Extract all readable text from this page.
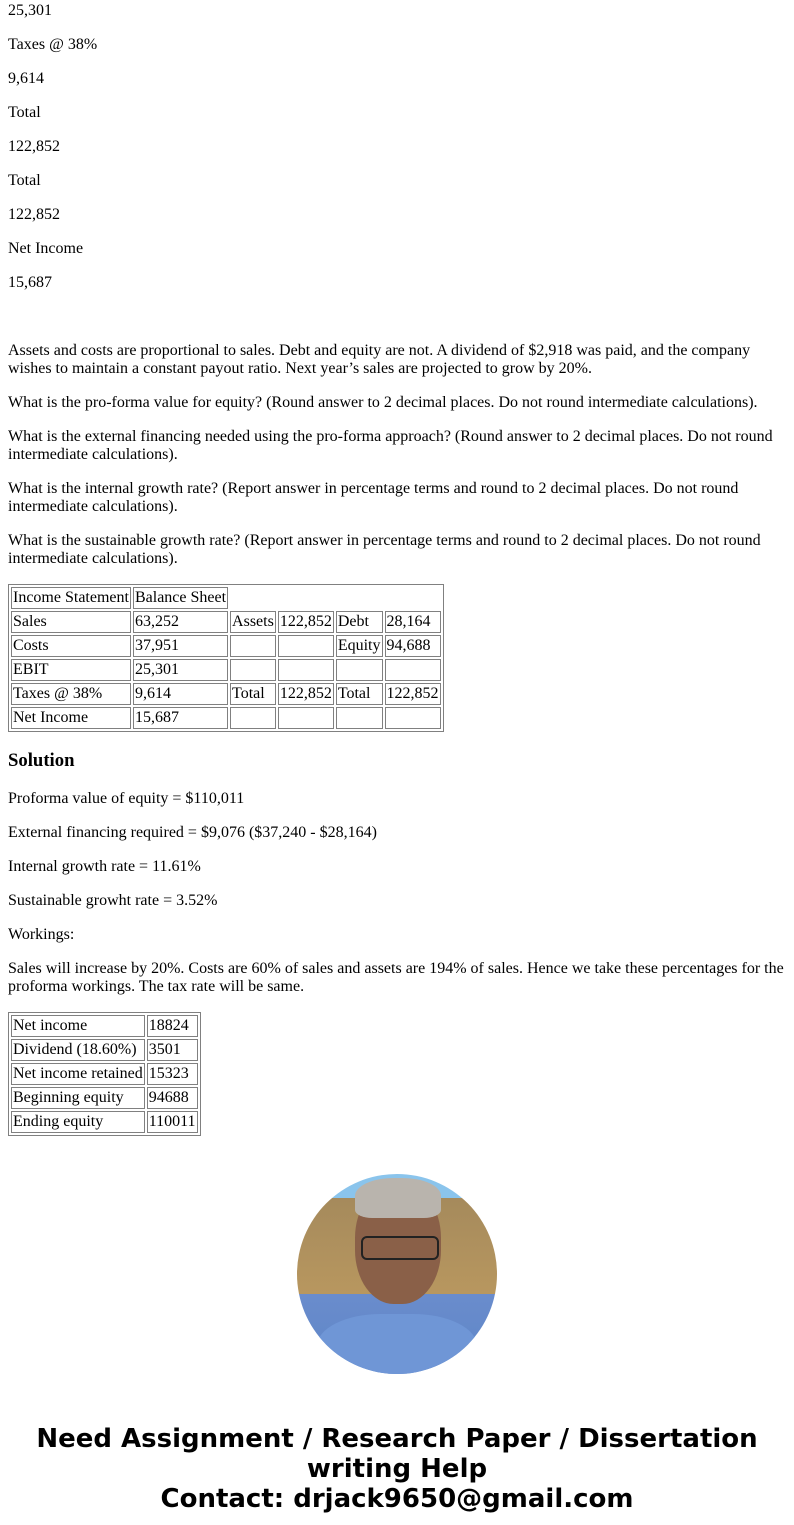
25,301

Taxes @ 38%

9,614

Total

122,852

Total

122,852

Net Income

15,687

Assets and costs are proportional to sales. Debt and equity are not. A dividend of $2,918 was paid, and the company wishes to maintain a constant payout ratio. Next year’s sales are projected to grow by 20%.

What is the pro-forma value for equity? (Round answer to 2 decimal places. Do not round intermediate calculations).

What is the external financing needed using the pro-forma approach? (Round answer to 2 decimal places. Do not round intermediate calculations).

What is the internal growth rate? (Report answer in percentage terms and round to 2 decimal places. Do not round intermediate calculations).

What is the sustainable growth rate? (Report answer in percentage terms and round to 2 decimal places. Do not round intermediate calculations).

Income Statement	Balance Sheet				
Sales	63,252	Assets	122,852	Debt	28,164
Costs	37,951			Equity	94,688
EBIT	25,301				
Taxes @ 38%	9,614	Total	122,852	Total	122,852
Net Income	15,687				
Solution

Proforma value of equity = $110,011

External financing required = $9,076 ($37,240 - $28,164)

Internal growth rate = 11.61%

Sustainable growht rate = 3.52%

Workings:

Sales will increase by 20%. Costs are 60% of sales and assets are 194% of sales. Hence we take these percentages for the proforma workings. The tax rate will be same.

Net income	18824
Dividend (18.60%)	3501
Net income retained	15323
Beginning equity	94688
Ending equity	110011
Need Assignment / Research Paper / Dissertation writing Help
Contact: drjack9650@gmail.com
